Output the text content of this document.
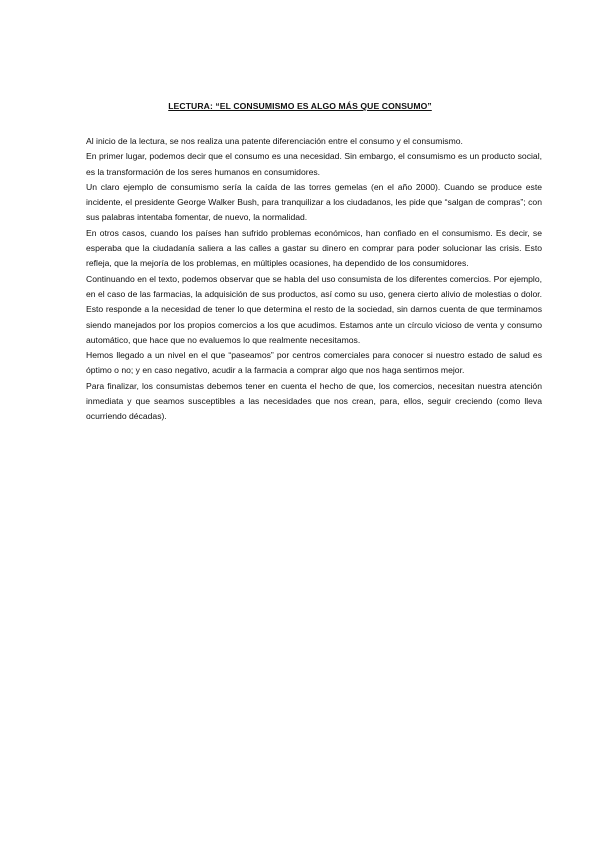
LECTURA: “EL CONSUMISMO ES ALGO MÁS QUE CONSUMO”

Al inicio de la lectura, se nos realiza una patente diferenciación entre el consumo y el consumismo.

En primer lugar, podemos decir que el consumo es una necesidad. Sin embargo, el consumismo es un producto social, es la transformación de los seres humanos en consumidores.

Un claro ejemplo de consumismo sería la caída de las torres gemelas (en el año 2000). Cuando se produce este incidente, el presidente George Walker Bush, para tranquilizar a los ciudadanos, les pide que “salgan de compras”; con sus palabras intentaba fomentar, de nuevo, la normalidad.

En otros casos, cuando los países han sufrido problemas económicos, han confiado en el consumismo. Es decir, se esperaba que la ciudadanía saliera a las calles a gastar su dinero en comprar para poder solucionar las crisis. Esto refleja, que la mejoría de los problemas, en múltiples ocasiones, ha dependido de los consumidores.

Continuando en el texto, podemos observar que se habla del uso consumista de los diferentes comercios. Por ejemplo, en el caso de las farmacias, la adquisición de sus productos, así como su uso, genera cierto alivio de molestias o dolor. Esto responde a la necesidad de tener lo que determina el resto de la sociedad, sin darnos cuenta de que terminamos siendo manejados por los propios comercios a los que acudimos. Estamos ante un círculo vicioso de venta y consumo automático, que hace que no evaluemos lo que realmente necesitamos.

Hemos llegado a un nivel en el que “paseamos” por centros comerciales para conocer si nuestro estado de salud es óptimo o no; y en caso negativo, acudir a la farmacia a comprar algo que nos haga sentirnos mejor.

Para finalizar, los consumistas debemos tener en cuenta el hecho de que, los comercios, necesitan nuestra atención inmediata y que seamos susceptibles a las necesidades que nos crean, para, ellos, seguir creciendo (como lleva ocurriendo décadas).
